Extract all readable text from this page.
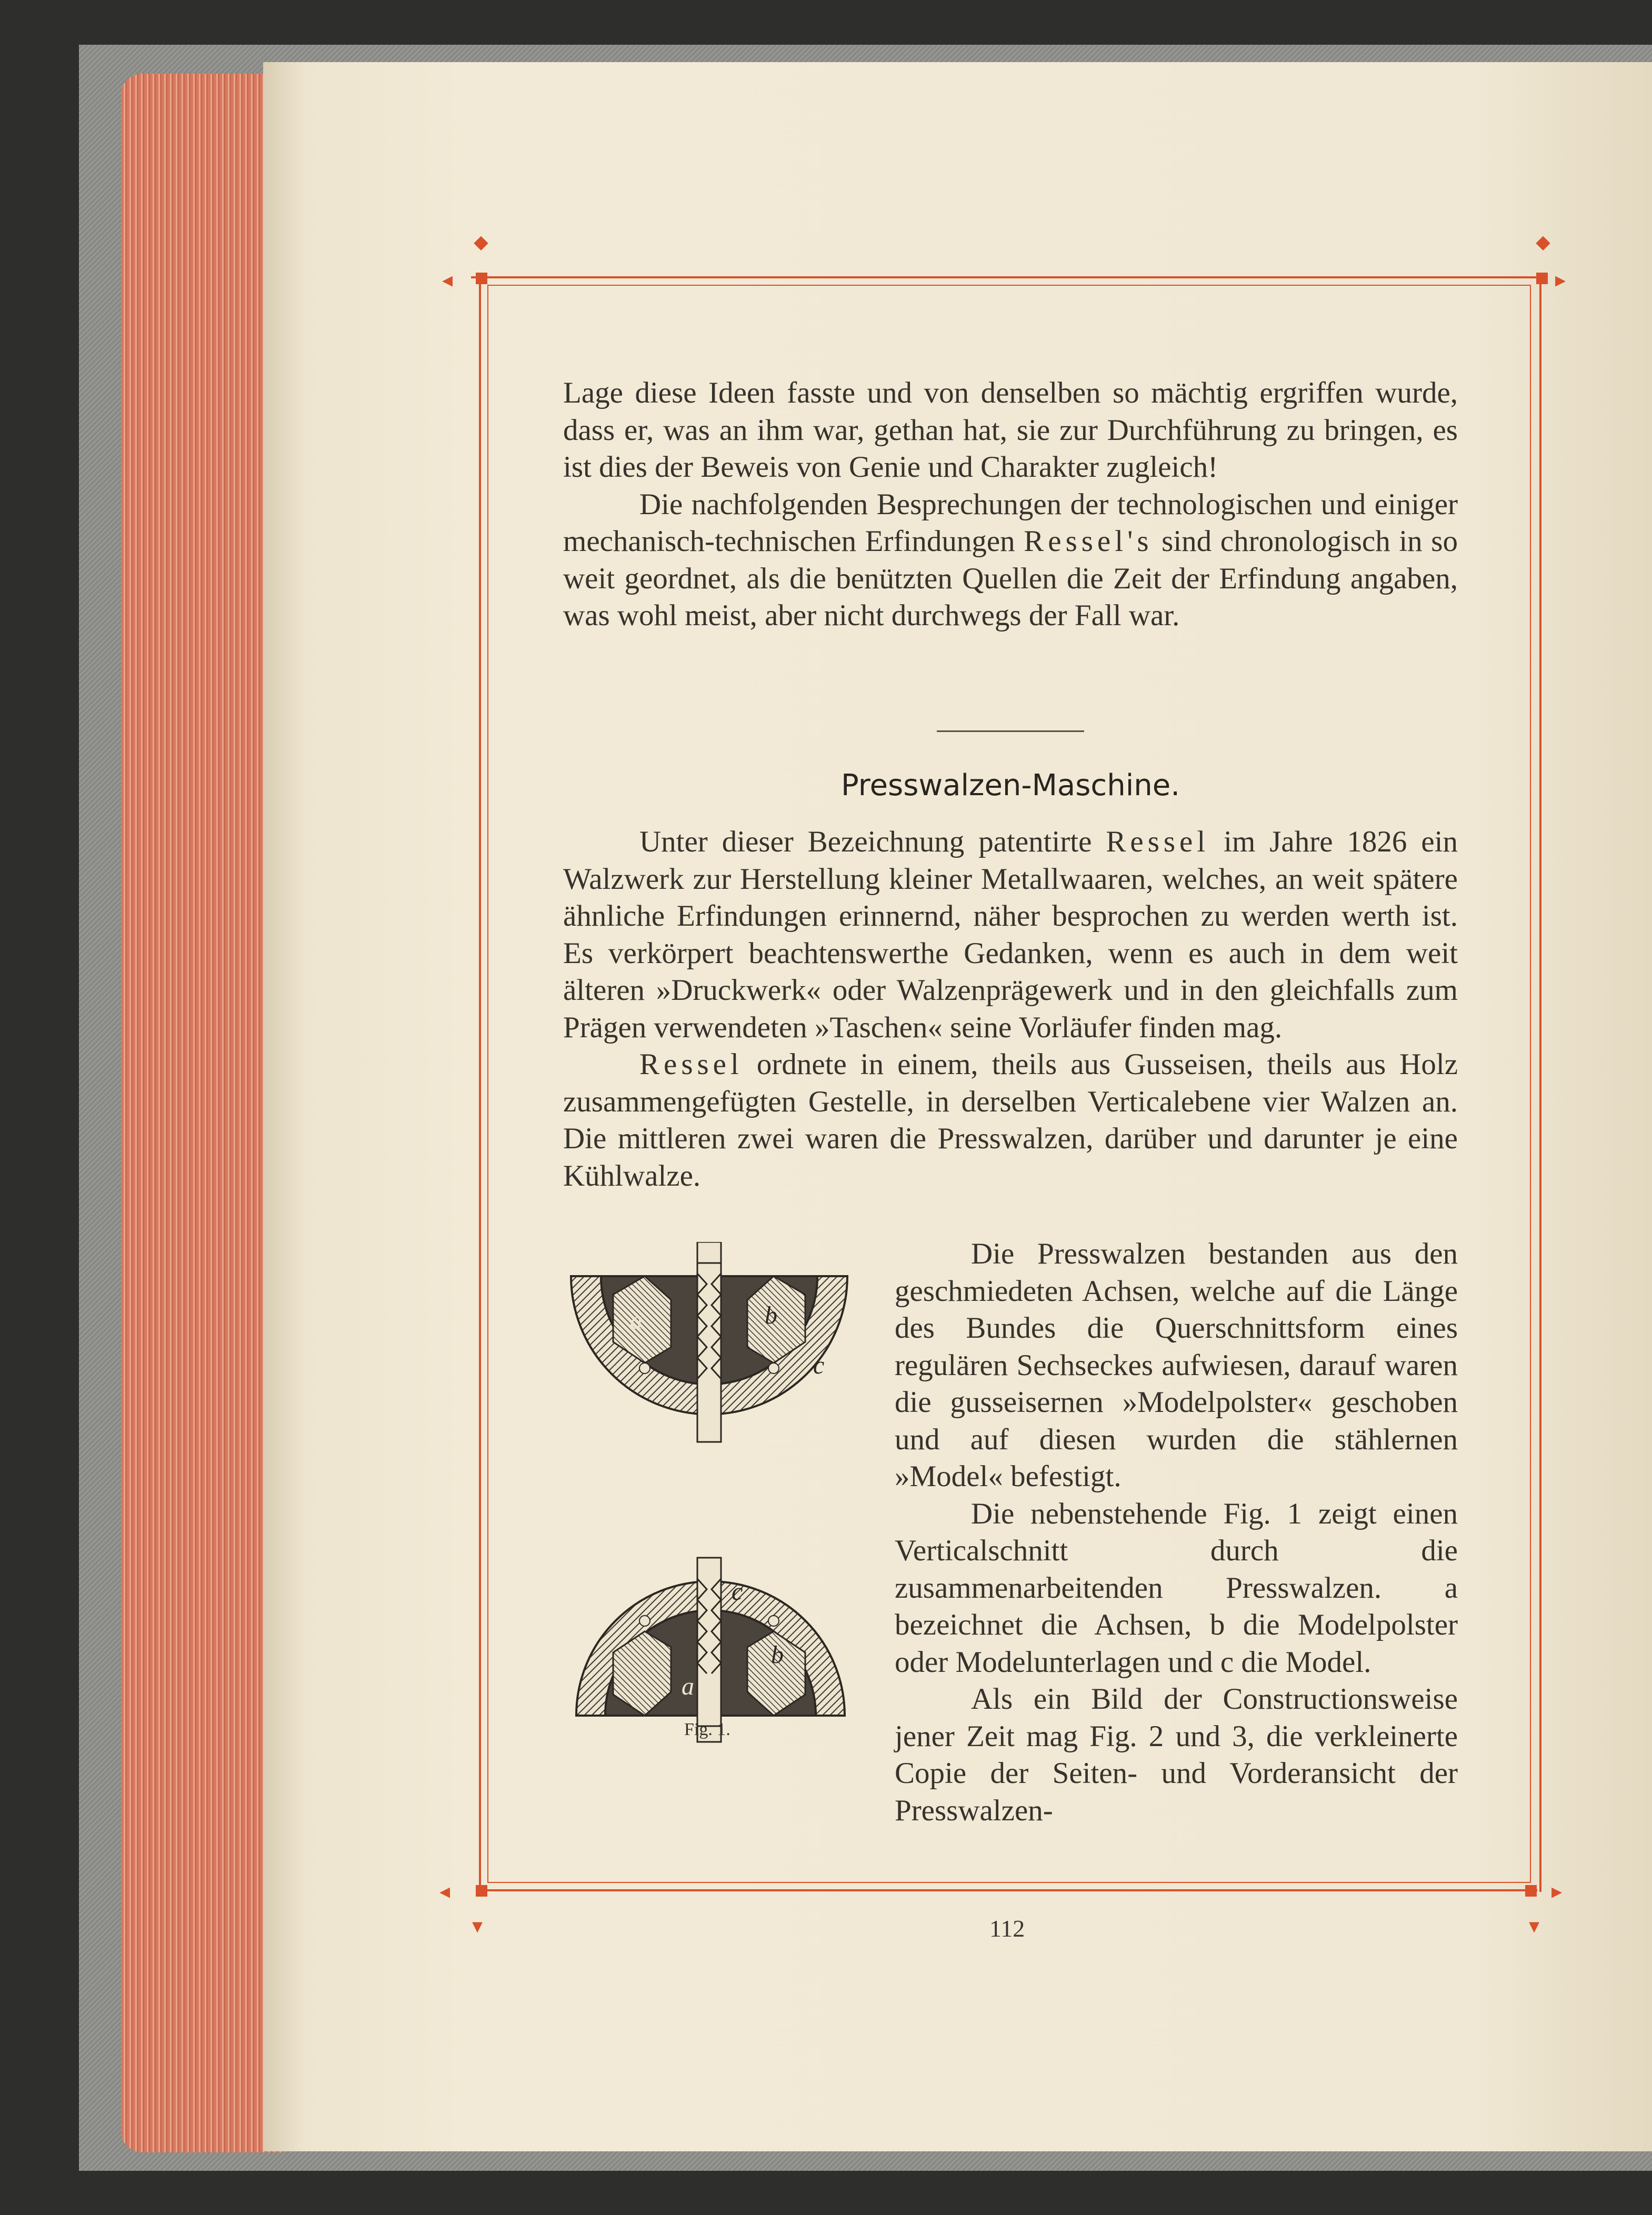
⬥
◂
⬥
▸
◂
▾
▸
▾

Lage diese Ideen fasste und von denselben so mächtig ergriffen wurde, dass er, was an ihm war, gethan hat, sie zur Durchführung zu bringen, es ist dies der Beweis von Genie und Charakter zugleich!

Die nachfolgenden Besprechungen der technologischen und einiger mechanisch-technischen Erfindungen Ressel's sind chronologisch in so weit geordnet, als die benützten Quellen die Zeit der Erfindung angaben, was wohl meist, aber nicht durchwegs der Fall war.

Presswalzen-Maschine.

Unter dieser Bezeichnung patentirte Ressel im Jahre 1826 ein Walzwerk zur Herstellung kleiner Metallwaaren, welches, an weit spätere ähnliche Erfindungen erinnernd, näher besprochen zu werden werth ist. Es verkörpert beachtenswerthe Gedanken, wenn es auch in dem weit älteren »Druckwerk« oder Walzenprägewerk und in den gleichfalls zum Prägen verwendeten »Taschen« seine Vorläufer finden mag.

Ressel ordnete in einem, theils aus Gusseisen, theils aus Holz zusammengefügten Gestelle, in derselben Verticalebene vier Walzen an. Die mittleren zwei waren die Presswalzen, darüber und darunter je eine Kühlwalze.

Die Presswalzen bestanden aus den geschmiedeten Achsen, welche auf die Länge des Bundes die Querschnittsform eines regulären Sechseckes aufwiesen, darauf waren die gusseisernen »Modelpolster« geschoben und auf diesen wurden die stählernen »Model« befestigt.

Die nebenstehende Fig. 1 zeigt einen Verticalschnitt durch die zusammenarbeitenden Presswalzen. a bezeichnet die Achsen, b die Modelpolster oder Modelunterlagen und c die Model.

Als ein Bild der Constructionsweise jener Zeit mag Fig. 2 und 3, die verkleinerte Copie der Seiten- und Vorderansicht der Presswalzen-

a	b
c
a
b
c
Fig. 1.
112
